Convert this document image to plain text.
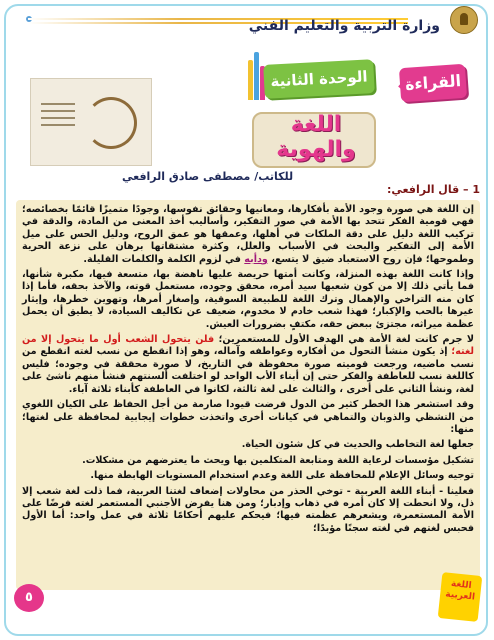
وزارة التربية والتعليم الفني
القراءة
الوحدة الثانية
اللغة والهوية
للكاتب/ مصطفى صادق الرافعي
1 – قال الرافعي:

إن اللغة هي صورة وجود الأمة بأفكارها، ومعانيها وحقائق نفوسها، وجودًا متميزًا قائمًا بخصائصه؛ فهي قومية الفكر تتحد بها الأمة في صور التفكير، وأساليب أخذ المعنى من المادة، والدقة في تركيب اللغة دليل على دقة الملكات في أهلها، وعمقها هو عمق الروح، ودليل الحس على ميل الأمة إلى التفكير والبحث في الأسباب والعلل، وكثرة مشتقاتها برهان على نزعة الحرية وطموحها؛ فإن روح الاستعباد ضيق لا يتسع، ودأبه في لزوم الكلمة والكلمات القليلة.

وإذا كانت اللغة بهذه المنزلة، وكانت أمتها حريصة عليها ناهضة بها، متسعة فيها، مكبرة شأنها، فما يأتي ذلك إلا من كون شعبها سيد أمره، محقق وجوده، مستعمل قوته، والآخذ بحقه، فأما إذا كان منه التراخي والإهمال وترك اللغة للطبيعة السوقية، وإصغار أمرها، وتهوين خطرها، وإيثار غيرها بالحب والإكبار؛ فهذا شعب خادم لا مخدوم، ضعيف عن تكاليف السيادة، لا يطيق أن يحمل عظمة ميراثه، مجتزئ ببعض حقه، مكتفٍ بضرورات العيش.

لا جرم كانت لغة الأمة هي الهدف الأول للمستعمرين؛ فلن يتحول الشعب أول ما يتحول إلا من لغته؛ إذ يكون منشأ التحول من أفكاره وعواطفه وآماله، وهو إذا انقطع من نسب لغته انقطع من نسب ماضيه، ورجعت قوميته صورة محفوظة في التاريخ، لا صورة محققة في وجوده؛ فليس كاللغة نسب للعاطفة والفكر حتى إن أبناء الأب الواحد لو اختلفت ألسنتهم فنشأ منهم ناشئ على لغة، ونشأ الثاني على أخرى ، والثالث على لغة ثالثة، لكانوا في العاطفة كأبناء ثلاثة آباء.

وقد استشعر هذا الخطر كثير من الدول فرضت قيودا صارمة من أجل الحفاظ على الكيان اللغوي من التشظي والذوبان والتماهي في كيانات أخرى واتخذت خطوات إيجابية لمحافظة على لغتها؛ منها:

جعلها لغة التخاطب والحديث في كل شئون الحياة.

تشكيل مؤسسات لرعاية اللغة ومتابعة المتكلمين بها ويحث ما يعترضهم من مشكلات.

توجيه وسائل الإعلام للمحافظة على اللغة وعدم استخدام المستويات الهابطة منها.

فعلينا - أبناء اللغة العربية - توخي الحذر من محاولات إضعاف لغتنا العربية، فما ذلت لغة شعب إلا ذل، ولا انحطت إلا كان أمره في ذهاب وإدبار؛ ومن هنا يفرض الأجنبي المستعمر لغته فرضًا على الأمة المستعمرة، ويشعرهم عظمته فيها؛ فيحكم عليهم أحكامًا ثلاثة في عمل واحد: أما الأول فحبس لغتهم في لغته سجنًا مؤبدًا؛

٥
اللغة العربية
